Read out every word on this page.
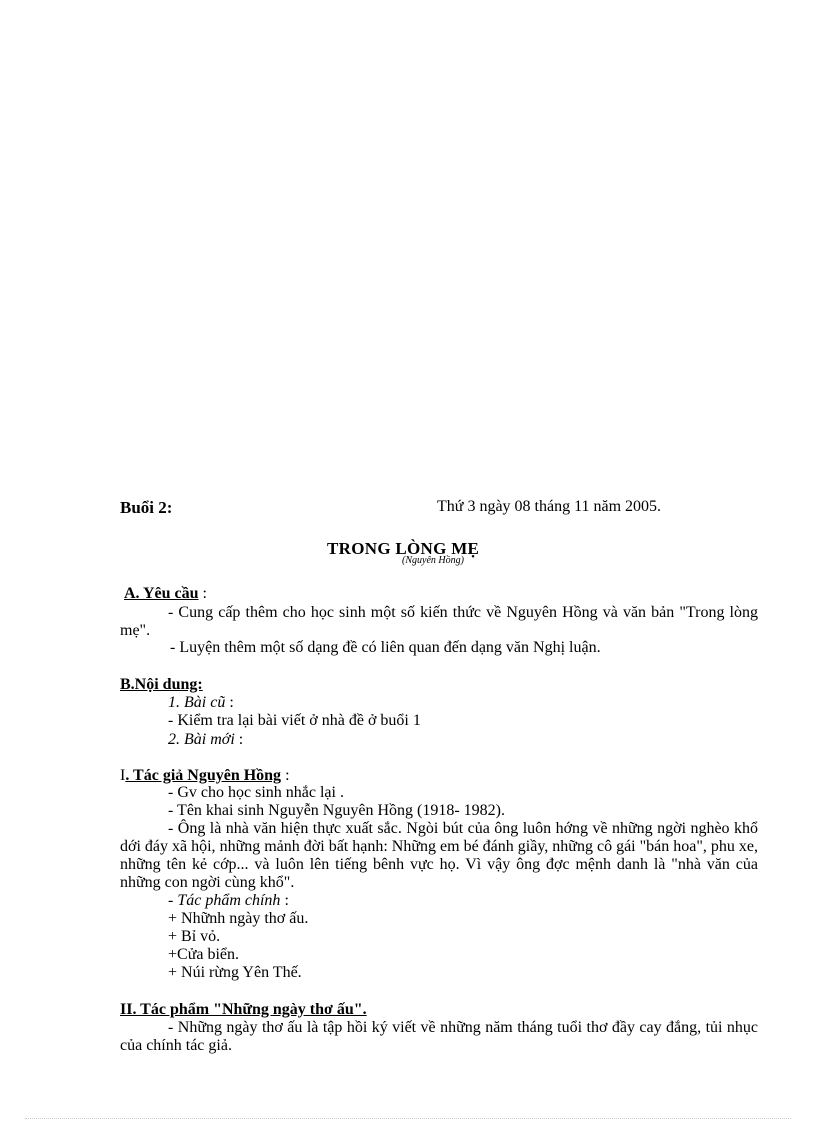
Buổi 2:	Thứ 3 ngày 08 tháng 11 năm 2005.
TRONG LÒNG MẸ
(Nguyên Hồng)
A. Yêu cầu :
- Cung cấp thêm cho học sinh một số kiến thức về Nguyên Hồng và văn bản "Trong lòng mẹ".
- Luyện thêm một số dạng đề có liên quan đến dạng văn Nghị luận.
B.Nội dung:
1. Bài cũ :
- Kiểm tra lại bài viết ở nhà đề ở buổi 1
2. Bài mới :
I. Tác giả Nguyên Hồng :
- Gv cho học sinh nhắc lại .
- Tên khai sinh Nguyễn Nguyên Hồng (1918- 1982).
- Ông là nhà văn hiện thực xuất sắc. Ngòi bút của ông luôn hớng về những ngời nghèo khổ dới đáy xã hội, những mảnh đời bất hạnh: Những em bé đánh giầy, những cô gái "bán hoa", phu xe, những tên kẻ cớp... và luôn lên tiếng bênh vực họ. Vì vậy ông đợc mệnh danh là "nhà văn của những con ngời cùng khổ".
- Tác phẩm chính :
+ Nhữnh ngày thơ ấu.
+ Bỉ vỏ.
+Cửa biển.
+ Núi rừng Yên Thế.
II. Tác phẩm "Những ngày thơ ấu".
- Những ngày thơ ấu là tập hồi ký viết về những năm tháng tuổi thơ đầy cay đắng, tủi nhục của chính tác giả.
